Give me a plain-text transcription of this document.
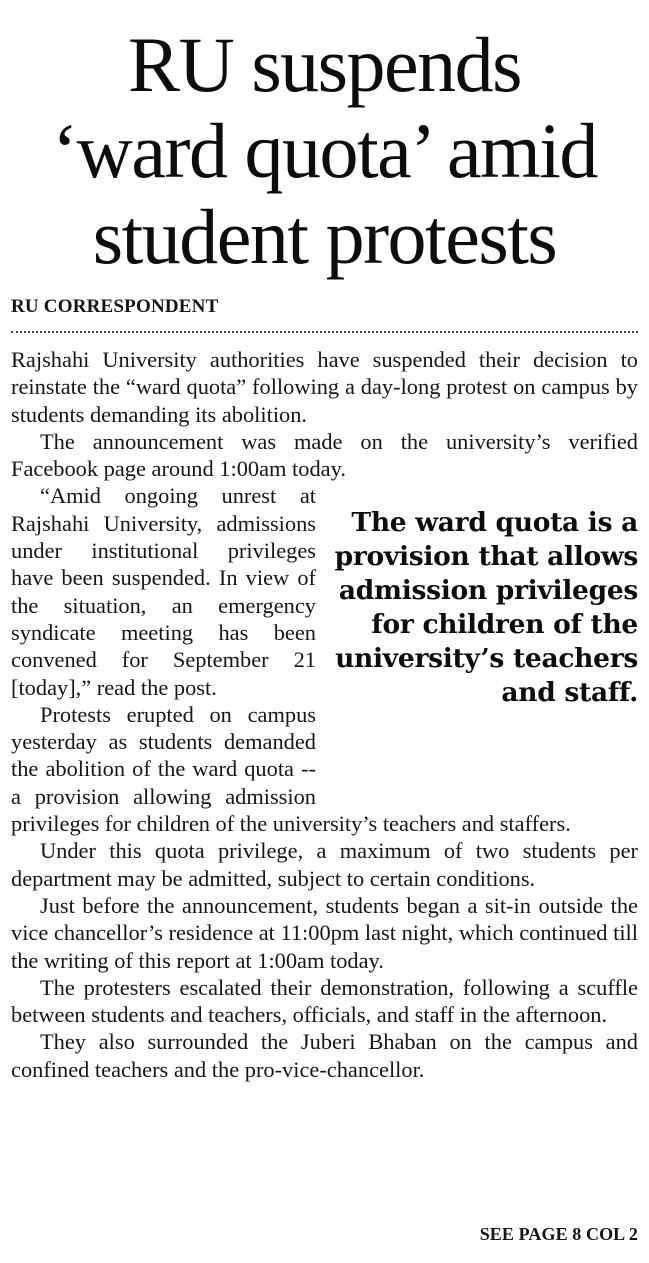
RU suspends
‘ward quota’ amid
student protests
RU CORRESPONDENT

Rajshahi University authorities have suspended their decision to reinstate the “ward quota” following a day-long protest on campus by students demanding its abolition.

The announcement was made on the university’s verified Facebook page around 1:00am today.

The ward quota is a provision that allows admission privileges for children of the university’s teachers and staff.

“Amid ongoing unrest at Rajshahi University, admissions under institutional privileges have been suspended. In view of the situation, an emergency syndicate meeting has been convened for September 21 [today],” read the post.

Protests erupted on campus yesterday as students demanded the abolition of the ward quota -- a provision allowing admission privileges for children of the university’s teachers and staffers.

Under this quota privilege, a maximum of two students per department may be admitted, subject to certain conditions.

Just before the announcement, students began a sit-in outside the vice chancellor’s residence at 11:00pm last night, which continued till the writing of this report at 1:00am today.

The protesters escalated their demonstration, following a scuffle between students and teachers, officials, and staff in the afternoon.

They also surrounded the Juberi Bhaban on the campus and confined teachers and the pro-vice-chancellor.

SEE PAGE 8 COL 2
